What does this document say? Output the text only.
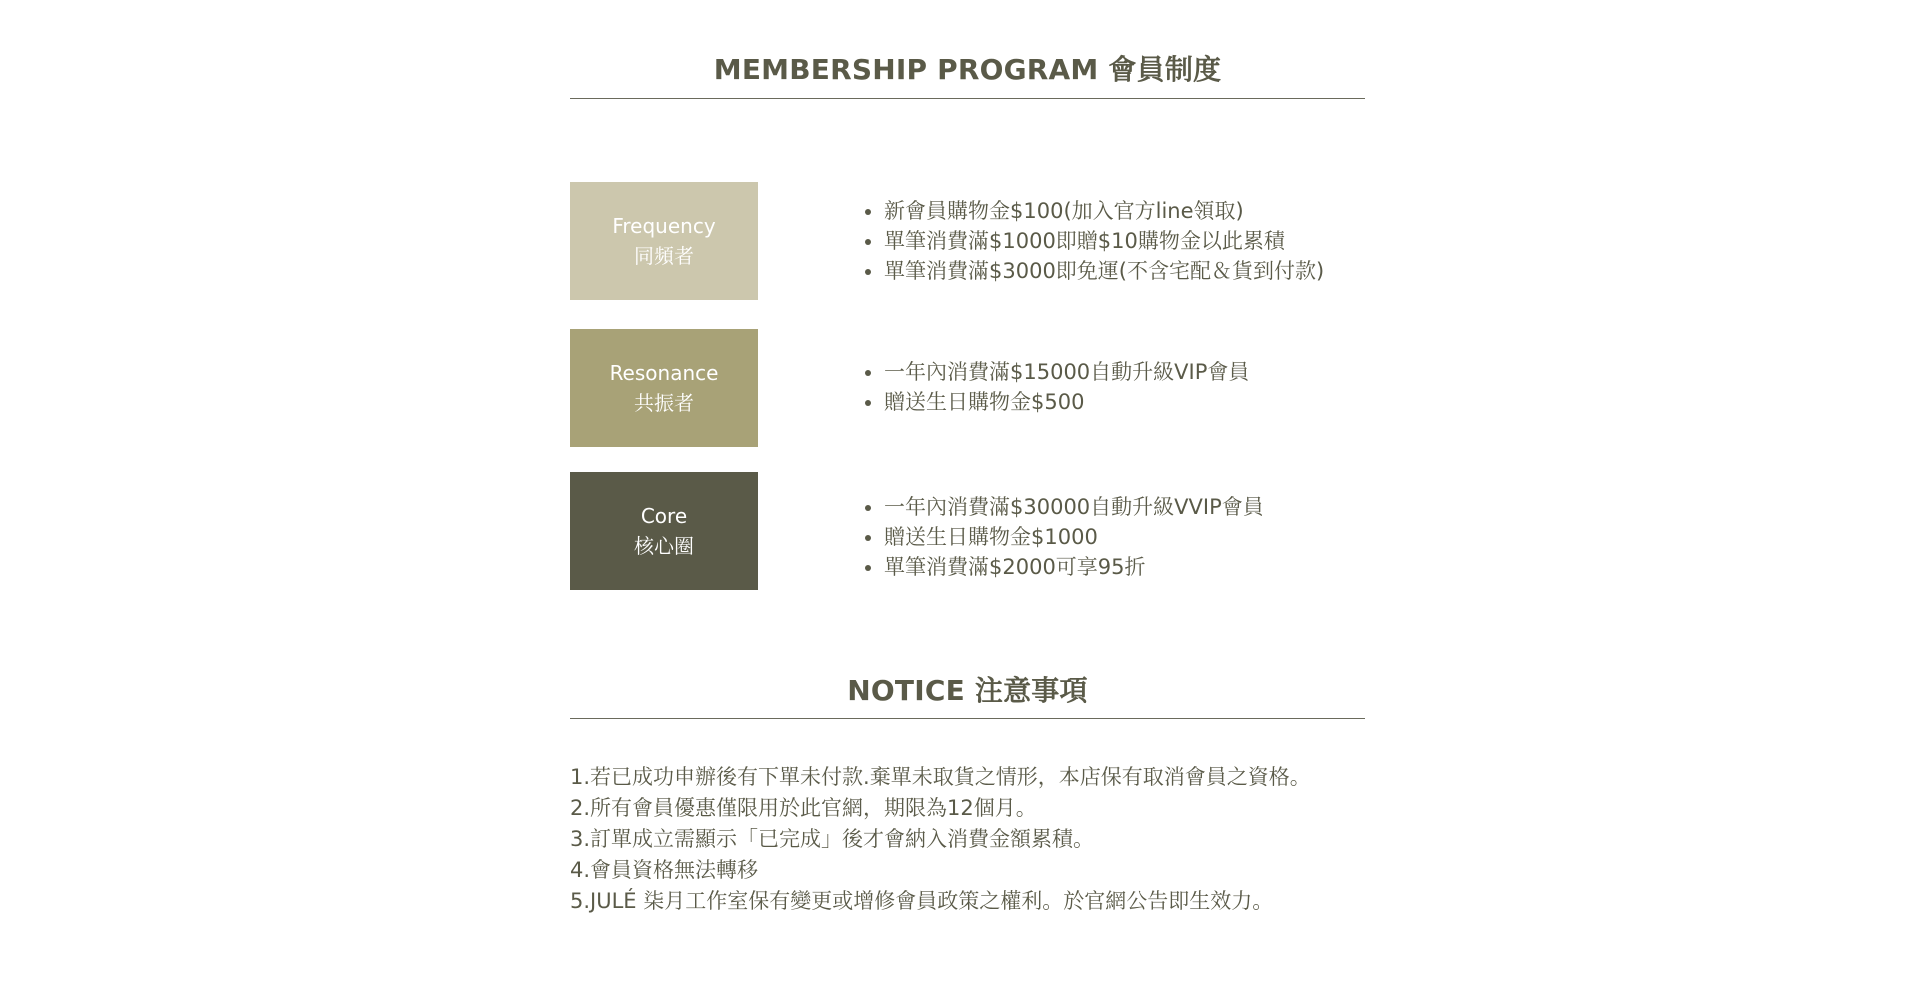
MEMBERSHIP PROGRAM 會員制度
Frequency
同頻者
• 新會員購物金$100(加入官方line領取)
• 單筆消費滿$1000即贈$10購物金以此累積
• 單筆消費滿$3000即免運(不含宅配＆貨到付款)
Resonance
共振者
• 一年內消費滿$15000自動升級VIP會員
• 贈送生日購物金$500
Core
核心圈
• 一年內消費滿$30000自動升級VVIP會員
• 贈送生日購物金$1000
• 單筆消費滿$2000可享95折
NOTICE 注意事項
1.若已成功申辦後有下單未付款.棄單未取貨之情形，本店保有取消會員之資格。
2.所有會員優惠僅限用於此官網，期限為12個月。
3.訂單成立需顯示「已完成」後才會納入消費金額累積。
4.會員資格無法轉移
5.JULÉ 柒月工作室保有變更或增修會員政策之權利。於官網公告即生效力。
